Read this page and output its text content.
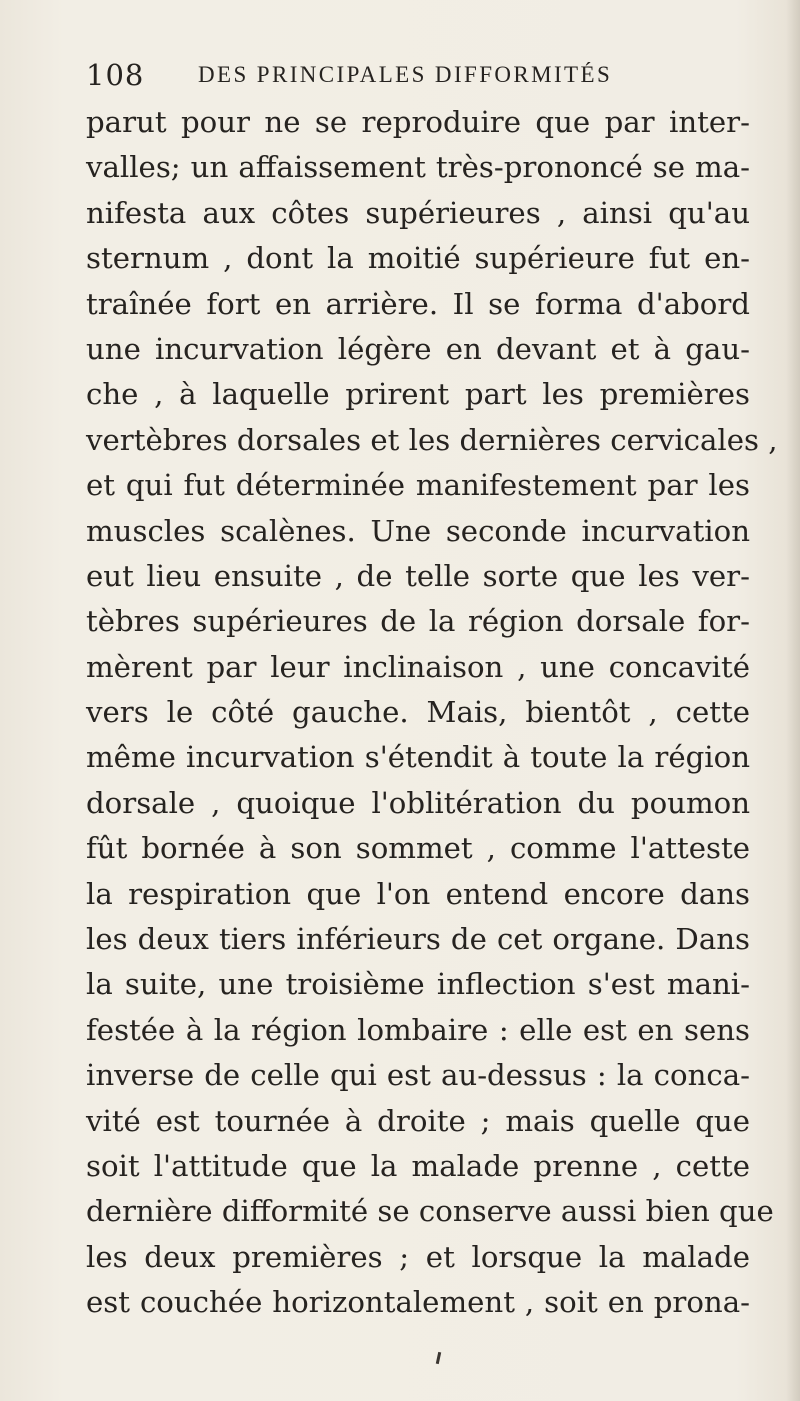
108 DES PRINCIPALES DIFFORMITÉS
parut pour ne se reproduire que par inter-
valles; un affaissement très-prononcé se ma-
nifesta aux côtes supérieures , ainsi qu'au
sternum , dont la moitié supérieure fut en-
traînée fort en arrière. Il se forma d'abord
une incurvation légère en devant et à gau-
che , à laquelle prirent part les premières
vertèbres dorsales et les dernières cervicales ,
et qui fut déterminée manifestement par les
muscles scalènes. Une seconde incurvation
eut lieu ensuite , de telle sorte que les ver-
tèbres supérieures de la région dorsale for-
mèrent par leur inclinaison , une concavité
vers le côté gauche. Mais, bientôt , cette
même incurvation s'étendit à toute la région
dorsale , quoique l'oblitération du poumon
fût bornée à son sommet , comme l'atteste
la respiration que l'on entend encore dans
les deux tiers inférieurs de cet organe. Dans
la suite, une troisième inflection s'est mani-
festée à la région lombaire : elle est en sens
inverse de celle qui est au-dessus : la conca-
vité est tournée à droite ; mais quelle que
soit l'attitude que la malade prenne , cette
dernière difformité se conserve aussi bien que
les deux premières ; et lorsque la malade
est couchée horizontalement , soit en prona-
